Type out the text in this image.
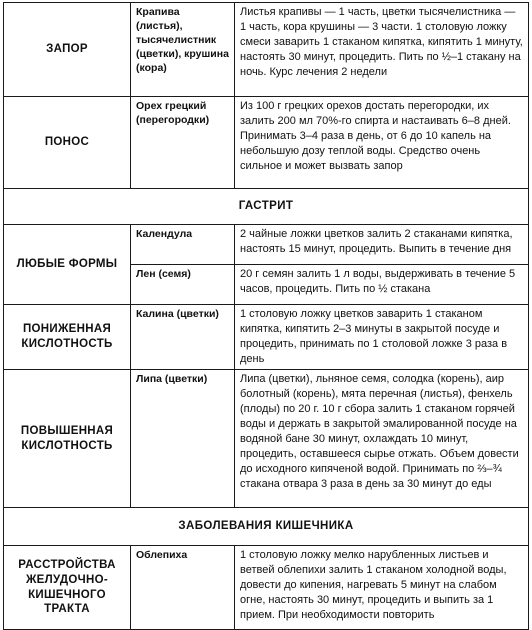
ЗАПОР	Крапива (листья), тысячелистник (цветки), крушина (кора)	Листья крапивы — 1 часть, цветки тысячелистника — 1 часть, кора крушины — 3 части. 1 столовую ложку смеси заварить 1 стаканом кипятка, кипятить 1 минуту, настоять 30 минут, процедить. Пить по ½–1 стакану на ночь. Курс лечения 2 недели
ПОНОС	Орех грецкий (перегородки)	Из 100 г грецких орехов достать перегородки, их залить 200 мл 70%-го спирта и настаивать 6–8 дней. Принимать 3–4 раза в день, от 6 до 10 капель на небольшую дозу теплой воды. Средство очень сильное и может вызвать запор
ГАСТРИТ		
ЛЮБЫЕ ФОРМЫ	Календула	2 чайные ложки цветков залить 2 стаканами кипятка, настоять 15 минут, процедить. Выпить в течение дня
	Лен (семя)	20 г семян залить 1 л воды, выдерживать в течение 5 часов, процедить. Пить по ½ стакана
ПОНИЖЕННАЯ КИСЛОТНОСТЬ	Калина (цветки)	1 столовую ложку цветков заварить 1 стаканом кипятка, кипятить 2–3 минуты в закрытой посуде и процедить, принимать по 1 столовой ложке 3 раза в день
ПОВЫШЕННАЯ КИСЛОТНОСТЬ	Липа (цветки)	Липа (цветки), льняное семя, солодка (корень), аир болотный (корень), мята перечная (листья), фенхель (плоды) по 20 г. 10 г сбора залить 1 стаканом горячей воды и держать в закрытой эмалированной посуде на водяной бане 30 минут, охлаждать 10 минут, процедить, оставшееся сырье отжать. Объем довести до исходного кипяченой водой. Принимать по ⅔–¾ стакана отвара 3 раза в день за 30 минут до еды
ЗАБОЛЕВАНИЯ КИШЕЧНИКА		
РАССТРОЙСТВА ЖЕЛУДОЧНО-КИШЕЧНОГО ТРАКТА	Облепиха	1 столовую ложку мелко нарубленных листьев и ветвей облепихи залить 1 стаканом холодной воды, довести до кипения, нагревать 5 минут на слабом огне, настоять 30 минут, процедить и выпить за 1 прием. При необходимости повторить
